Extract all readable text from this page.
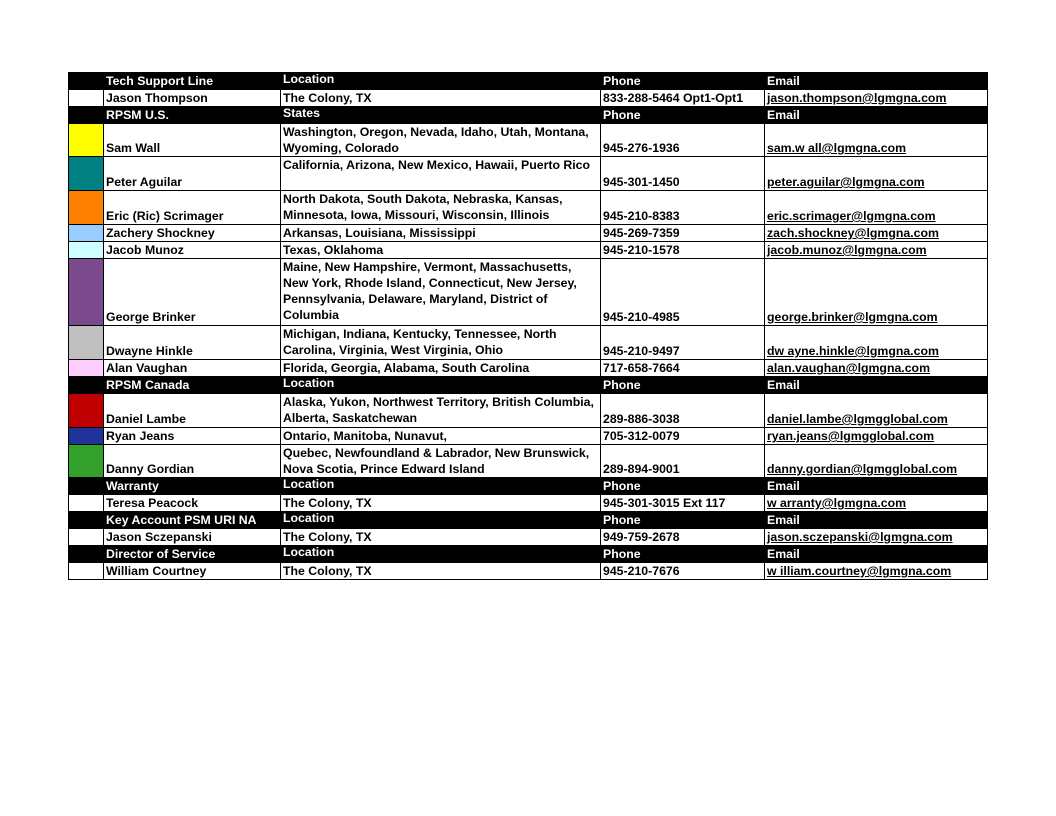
	Tech Support Line	Location	Phone	Email
	Jason Thompson	The Colony, TX	833-288-5464 Opt1-Opt1	jason.thompson@lgmgna.com
	RPSM U.S.	States	Phone	Email
	Sam Wall	Washington, Oregon, Nevada, Idaho, Utah, Montana, Wyoming, Colorado	945-276-1936	sam.w all@lgmgna.com
	Peter Aguilar	California, Arizona, New Mexico, Hawaii, Puerto Rico	945-301-1450	peter.aguilar@lgmgna.com
	Eric (Ric) Scrimager	North Dakota, South Dakota, Nebraska, Kansas, Minnesota, Iowa, Missouri, Wisconsin, Illinois	945-210-8383	eric.scrimager@lgmgna.com
	Zachery Shockney	Arkansas, Louisiana, Mississippi	945-269-7359	zach.shockney@lgmgna.com
	Jacob Munoz	Texas, Oklahoma	945-210-1578	jacob.munoz@lgmgna.com
	George Brinker	Maine, New Hampshire, Vermont, Massachusetts, New York, Rhode Island, Connecticut, New Jersey, Pennsylvania, Delaware, Maryland, District of Columbia	945-210-4985	george.brinker@lgmgna.com
	Dwayne Hinkle	Michigan, Indiana, Kentucky, Tennessee, North Carolina, Virginia, West Virginia, Ohio	945-210-9497	dw ayne.hinkle@lgmgna.com
	Alan Vaughan	Florida, Georgia, Alabama, South Carolina	717-658-7664	alan.vaughan@lgmgna.com
	RPSM Canada	Location	Phone	Email
	Daniel Lambe	Alaska, Yukon, Northwest Territory, British Columbia, Alberta, Saskatchewan	289-886-3038	daniel.lambe@lgmgglobal.com
	Ryan Jeans	Ontario, Manitoba, Nunavut,	705-312-0079	ryan.jeans@lgmgglobal.com
	Danny Gordian	Quebec, Newfoundland & Labrador, New Brunswick, Nova Scotia, Prince Edward Island	289-894-9001	danny.gordian@lgmgglobal.com
	Warranty	Location	Phone	Email
	Teresa Peacock	The Colony, TX	945-301-3015 Ext 117	w arranty@lgmgna.com
	Key Account PSM URI NA	Location	Phone	Email
	Jason Sczepanski	The Colony, TX	949-759-2678	jason.sczepanski@lgmgna.com
	Director of Service	Location	Phone	Email
	William Courtney	The Colony, TX	945-210-7676	w illiam.courtney@lgmgna.com
